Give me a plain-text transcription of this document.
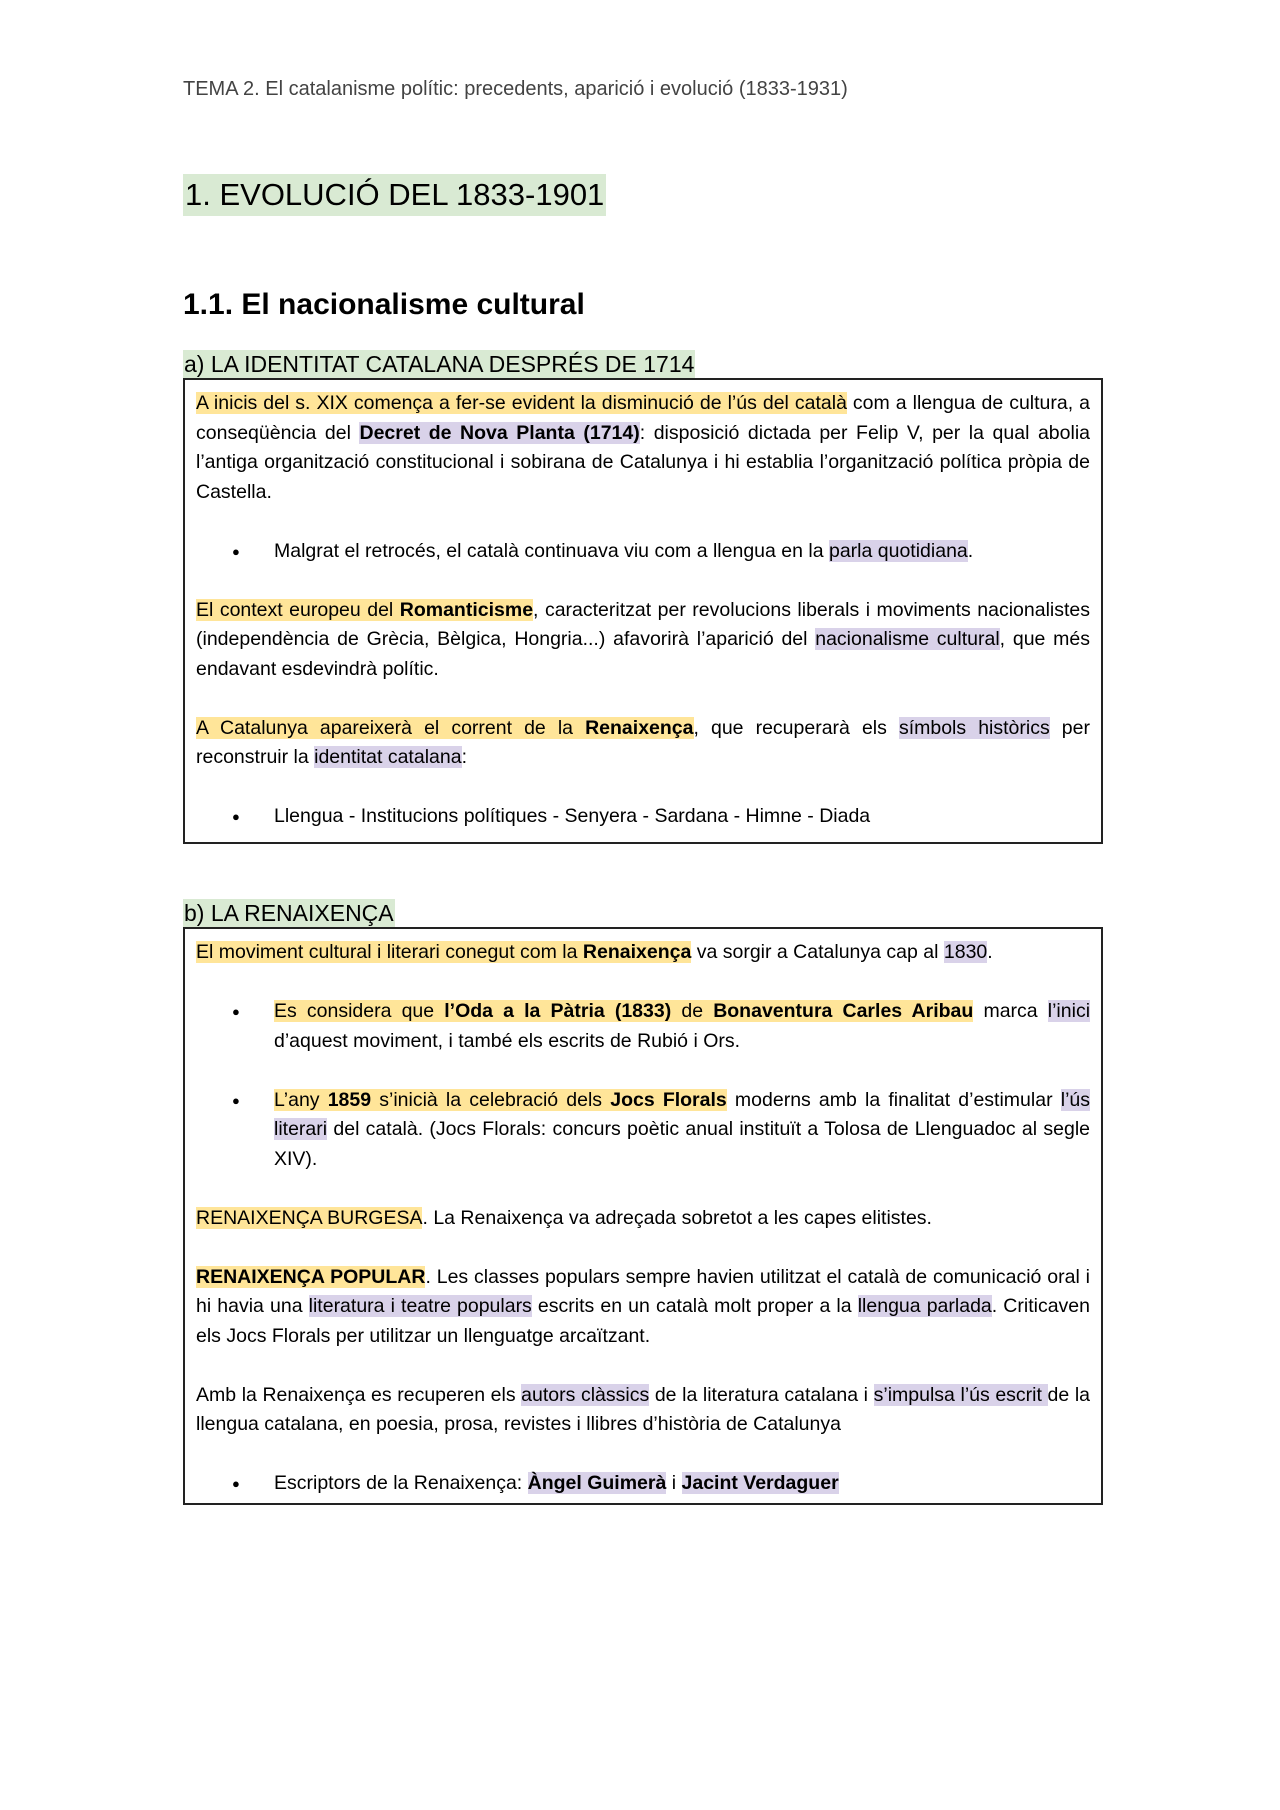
TEMA 2. El catalanisme polític: precedents, aparició i evolució (1833-1931)
1. EVOLUCIÓ DEL 1833-1901
1.1. El nacionalisme cultural
a) LA IDENTITAT CATALANA DESPRÉS DE 1714

A inicis del s. XIX comença a fer-se evident la disminució de l’ús del català com a llengua de cultura, a conseqüència del Decret de Nova Planta (1714): disposició dictada per Felip V, per la qual abolia l’antiga organització constitucional i sobirana de Catalunya i hi establia l’organització política pròpia de Castella.

● Malgrat el retrocés, el català continuava viu com a llengua en la parla quotidiana.

El context europeu del Romanticisme, caracteritzat per revolucions liberals i moviments nacionalistes (independència de Grècia, Bèlgica, Hongria...) afavorirà l’aparició del nacionalisme cultural, que més endavant esdevindrà polític.

A Catalunya apareixerà el corrent de la Renaixença, que recuperarà els símbols històrics per reconstruir la identitat catalana:

● Llengua - Institucions polítiques - Senyera - Sardana - Himne - Diada
b) LA RENAIXENÇA

El moviment cultural i literari conegut com la Renaixença va sorgir a Catalunya cap al 1830.

● Es considera que l’Oda a la Pàtria (1833) de Bonaventura Carles Aribau marca l’inici d’aquest moviment, i també els escrits de Rubió i Ors.
● L’any 1859 s’inicià la celebració dels Jocs Florals moderns amb la finalitat d’estimular l’ús literari del català. (Jocs Florals: concurs poètic anual instituït a Tolosa de Llenguadoc al segle XIV).

RENAIXENÇA BURGESA. La Renaixença va adreçada sobretot a les capes elitistes.

RENAIXENÇA POPULAR. Les classes populars sempre havien utilitzat el català de comunicació oral i hi havia una literatura i teatre populars escrits en un català molt proper a la llengua parlada. Criticaven els Jocs Florals per utilitzar un llenguatge arcaïtzant.

Amb la Renaixença es recuperen els autors clàssics de la literatura catalana i s’impulsa l’ús escrit de la llengua catalana, en poesia, prosa, revistes i llibres d’història de Catalunya

● Escriptors de la Renaixença: Àngel Guimerà i Jacint Verdaguer
